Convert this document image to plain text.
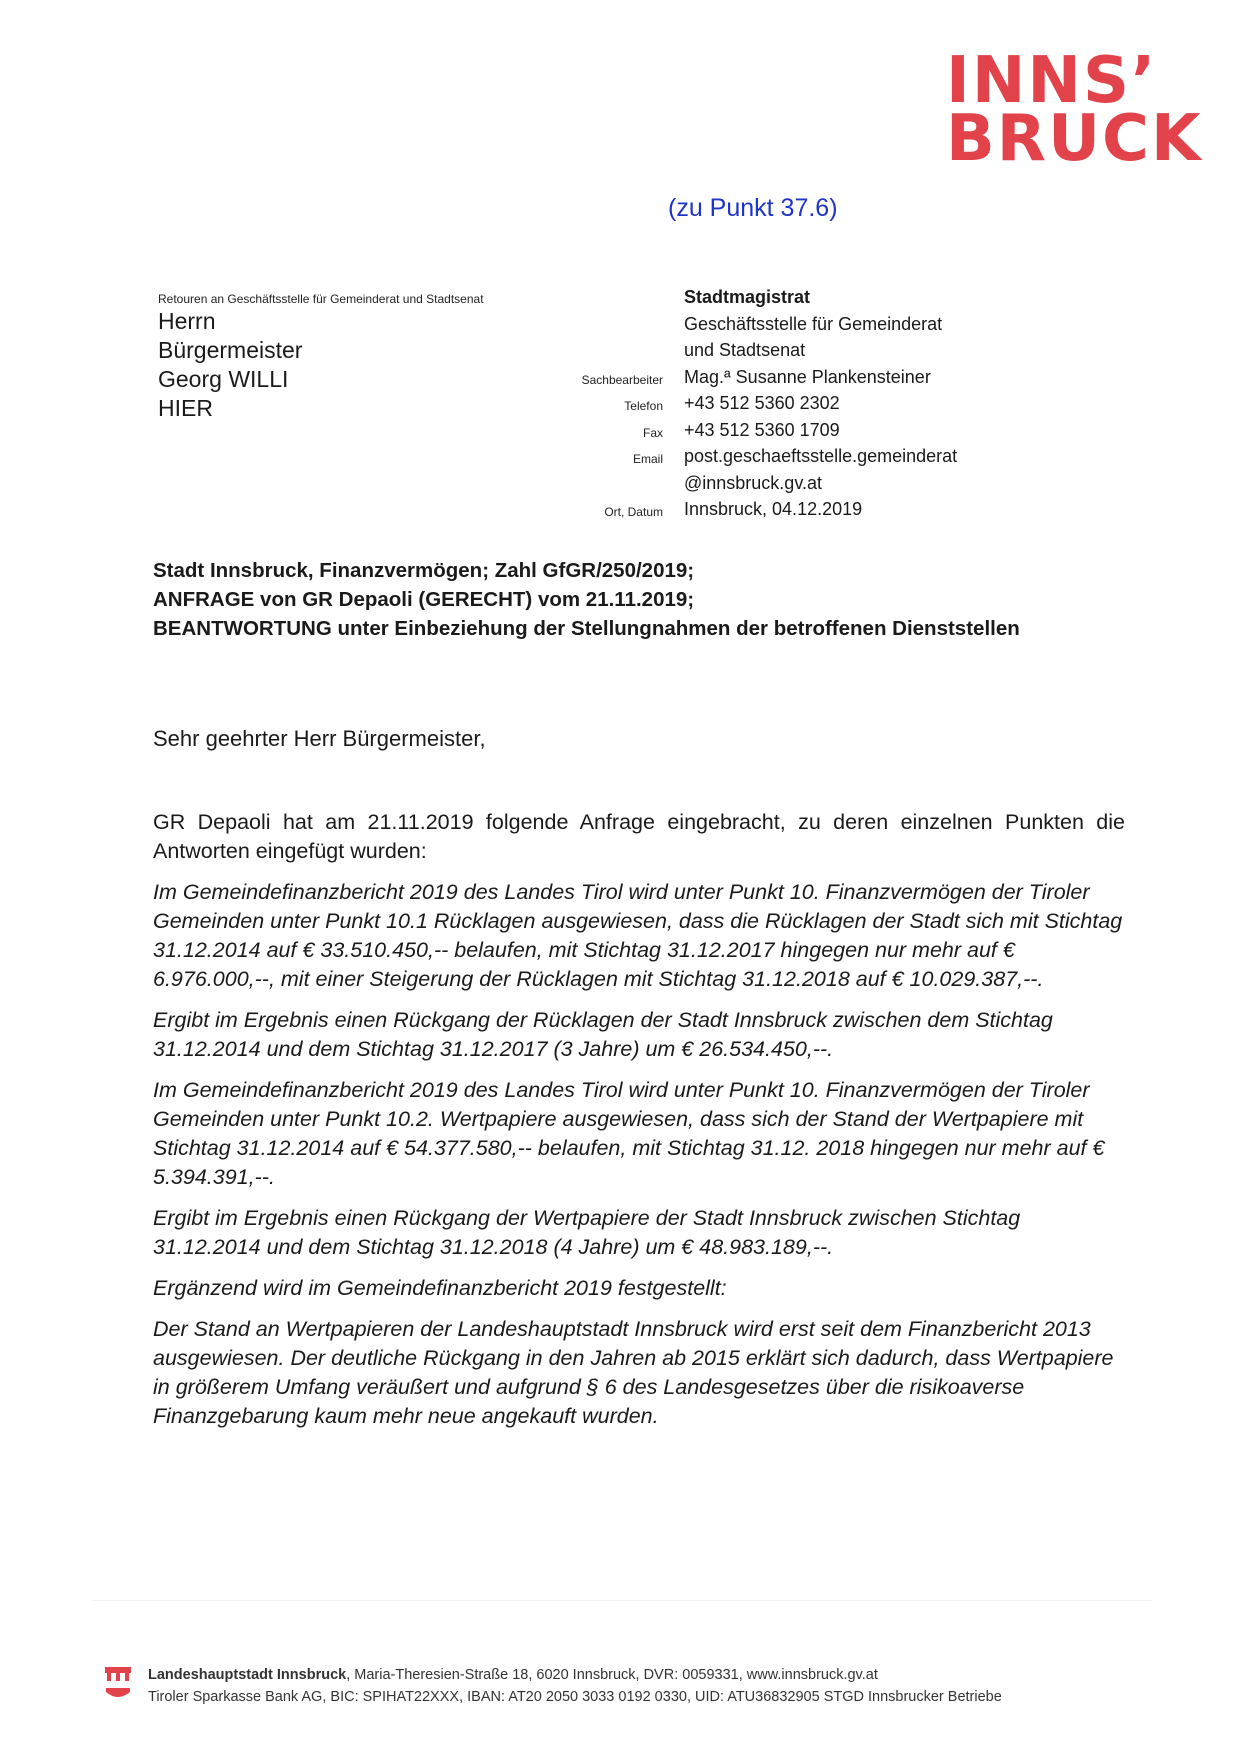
INNS’
BRUCK
(zu Punkt 37.6)
Retouren an Geschäftsstelle für Gemeinderat und Stadtsenat
Herrn
Bürgermeister
Georg WILLI
HIER
Sachbearbeiter
Telefon
Fax
Email
Ort, Datum
Stadtmagistrat
Geschäftsstelle für Gemeinderat
und Stadtsenat
Mag.ª Susanne Plankensteiner
+43 512 5360 2302
+43 512 5360 1709
post.geschaeftsstelle.gemeinderat
@innsbruck.gv.at
Innsbruck, 04.12.2019
Stadt Innsbruck, Finanzvermögen; Zahl GfGR/250/2019;
ANFRAGE von GR Depaoli (GERECHT) vom 21.11.2019;
BEANTWORTUNG unter Einbeziehung der Stellungnahmen der betroffenen Dienststellen
Sehr geehrter Herr Bürgermeister,

GR Depaoli hat am 21.11.2019 folgende Anfrage eingebracht, zu deren einzelnen Punkten die Antworten eingefügt wurden:

Im Gemeindefinanzbericht 2019 des Landes Tirol wird unter Punkt 10. Finanzvermögen der Tiroler Gemeinden unter Punkt 10.1 Rücklagen ausgewiesen, dass die Rücklagen der Stadt sich mit Stichtag 31.12.2014 auf € 33.510.450,-- belaufen, mit Stichtag 31.12.2017 hingegen nur mehr auf € 6.976.000,--, mit einer Steigerung der Rücklagen mit Stichtag 31.12.2018 auf € 10.029.387,--.

Ergibt im Ergebnis einen Rückgang der Rücklagen der Stadt Innsbruck zwischen dem Stichtag 31.12.2014 und dem Stichtag 31.12.2017 (3 Jahre) um € 26.534.450,--.

Im Gemeindefinanzbericht 2019 des Landes Tirol wird unter Punkt 10. Finanzvermögen der Tiroler Gemeinden unter Punkt 10.2. Wertpapiere ausgewiesen, dass sich der Stand der Wertpapiere mit Stichtag 31.12.2014 auf € 54.377.580,-- belaufen, mit Stichtag 31.12. 2018 hingegen nur mehr auf € 5.394.391,--.

Ergibt im Ergebnis einen Rückgang der Wertpapiere der Stadt Innsbruck zwischen Stichtag 31.12.2014 und dem Stichtag 31.12.2018 (4 Jahre) um € 48.983.189,--.

Ergänzend wird im Gemeindefinanzbericht 2019 festgestellt:

Der Stand an Wertpapieren der Landeshauptstadt Innsbruck wird erst seit dem Finanzbericht 2013 ausgewiesen. Der deutliche Rückgang in den Jahren ab 2015 erklärt sich dadurch, dass Wertpapiere in größerem Umfang veräußert und aufgrund § 6 des Landesgesetzes über die risikoaverse Finanzgebarung kaum mehr neue angekauft wurden.

Landeshauptstadt Innsbruck, Maria-Theresien-Straße 18, 6020 Innsbruck, DVR: 0059331, www.innsbruck.gv.at
Tiroler Sparkasse Bank AG, BIC: SPIHAT22XXX, IBAN: AT20 2050 3033 0192 0330, UID: ATU36832905 STGD Innsbrucker Betriebe
